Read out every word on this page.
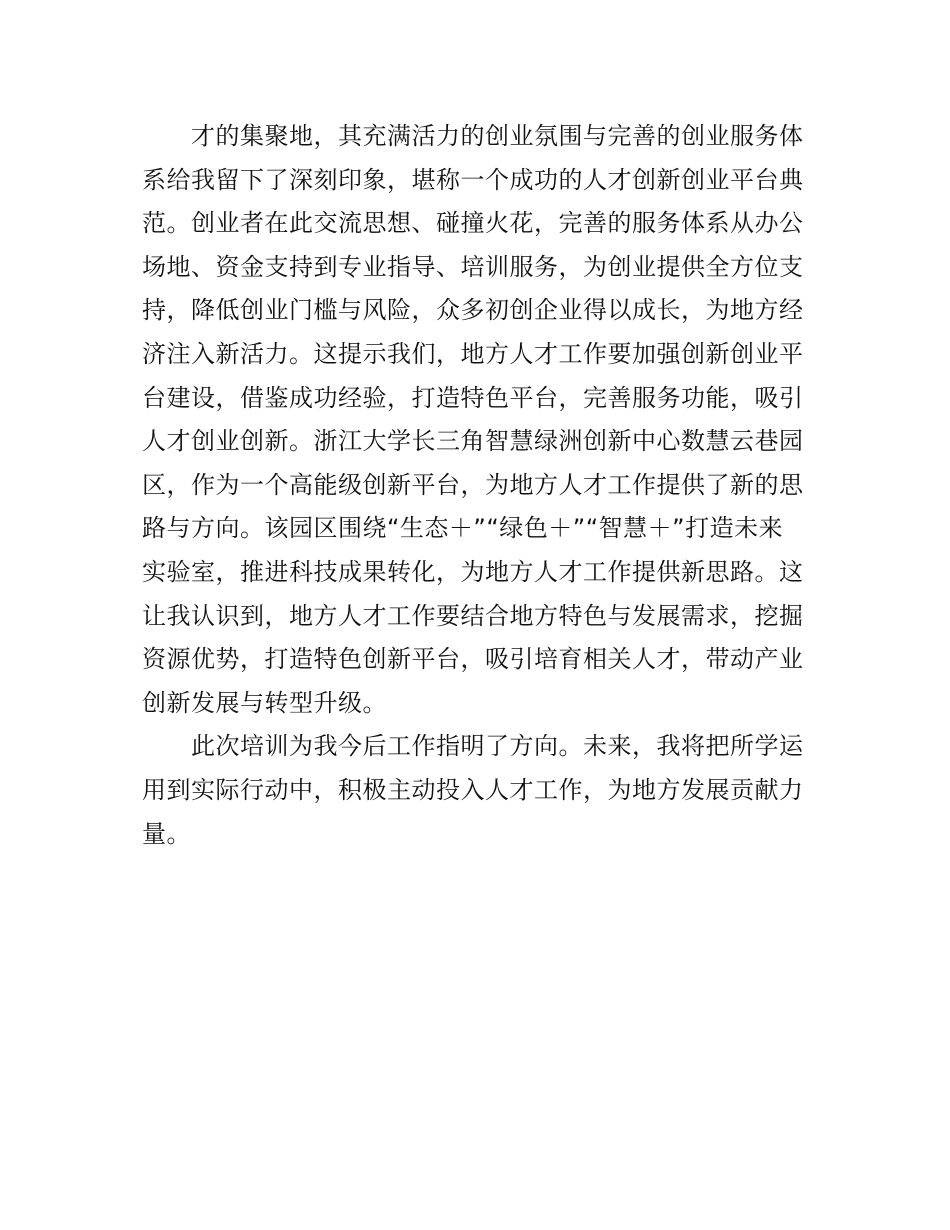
　　才的集聚地，其充满活力的创业氛围与完善的创业服务体
系给我留下了深刻印象，堪称一个成功的人才创新创业平台典
范。创业者在此交流思想、碰撞火花，完善的服务体系从办公
场地、资金支持到专业指导、培训服务，为创业提供全方位支
持，降低创业门槛与风险，众多初创企业得以成长，为地方经
济注入新活力。这提示我们，地方人才工作要加强创新创业平
台建设，借鉴成功经验，打造特色平台，完善服务功能，吸引
人才创业创新。浙江大学长三角智慧绿洲创新中心数慧云巷园
区，作为一个高能级创新平台，为地方人才工作提供了新的思
路与方向。该园区围绕“生态＋”“绿色＋”“智慧＋”打造未来
实验室，推进科技成果转化，为地方人才工作提供新思路。这
让我认识到，地方人才工作要结合地方特色与发展需求，挖掘
资源优势，打造特色创新平台，吸引培育相关人才，带动产业
创新发展与转型升级。
　　此次培训为我今后工作指明了方向。未来，我将把所学运
用到实际行动中，积极主动投入人才工作，为地方发展贡献力
量。
